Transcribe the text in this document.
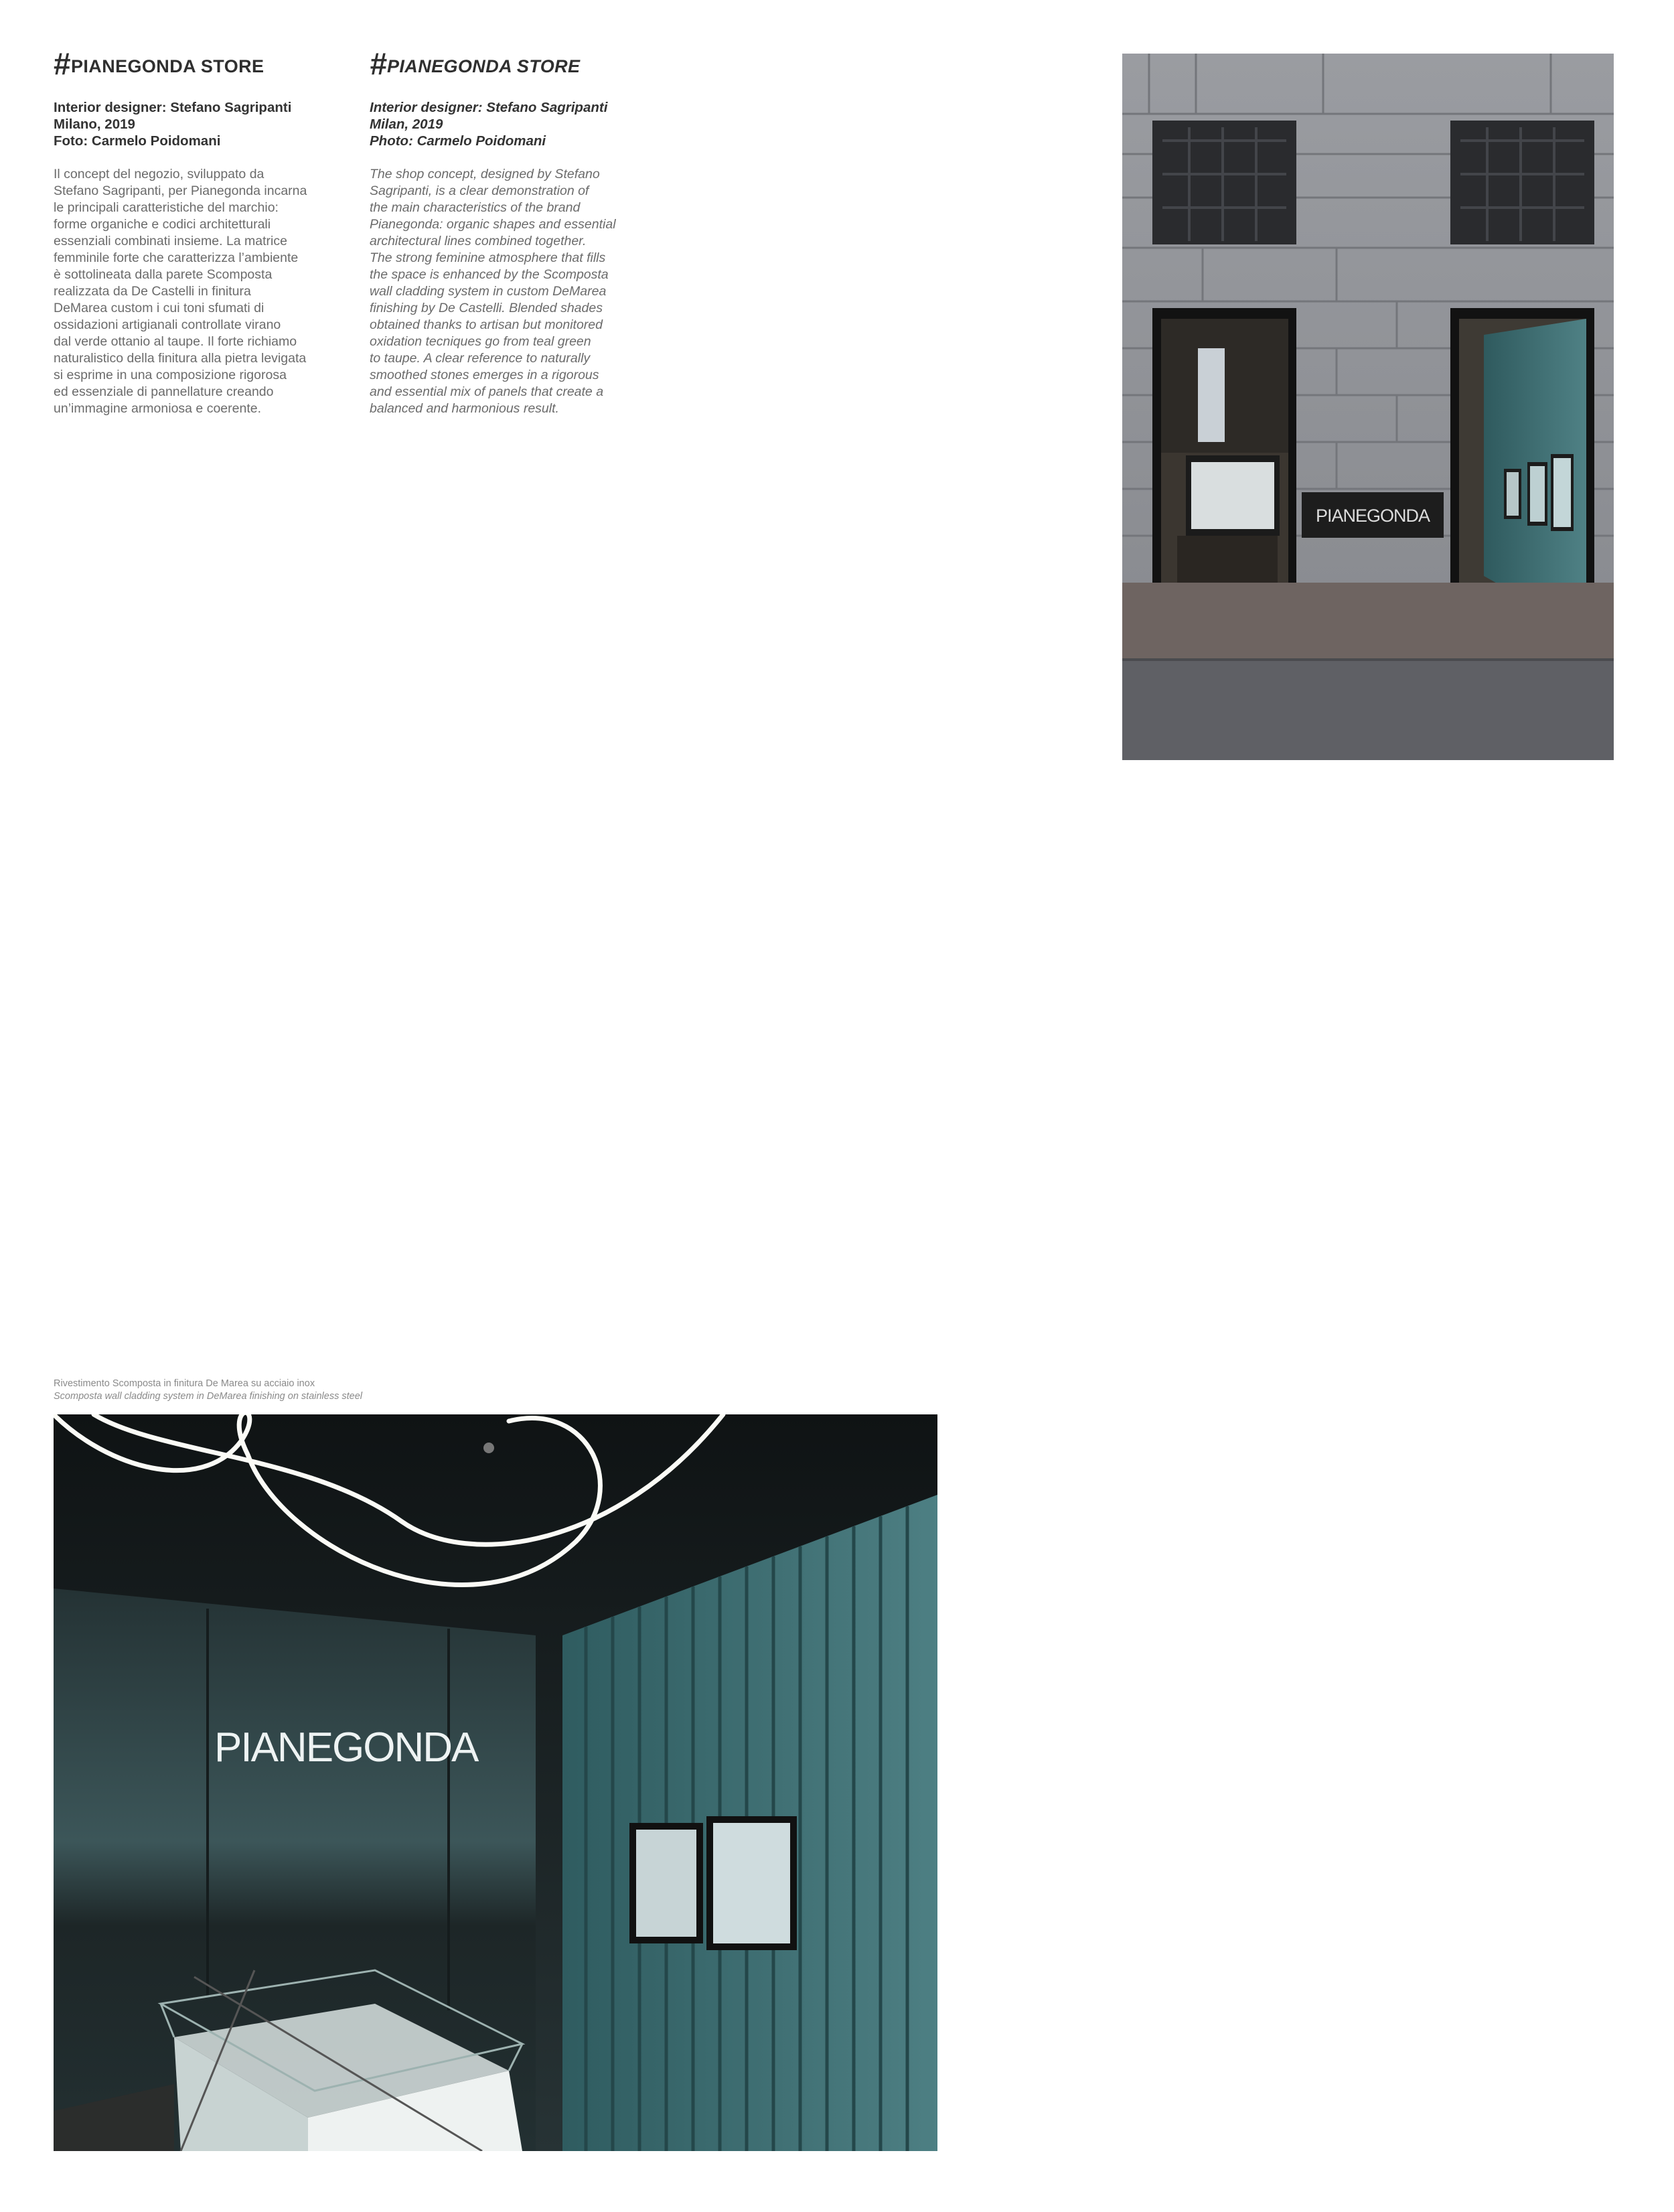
#PIANEGONDA STORE
Interior designer: Stefano Sagripanti
Milano, 2019
Foto: Carmelo Poidomani
Il concept del negozio, sviluppato da
Stefano Sagripanti, per Pianegonda incarna
le principali caratteristiche del marchio:
forme organiche e codici architetturali
essenziali combinati insieme. La matrice
femminile forte che caratterizza l’ambiente
è sottolineata dalla parete Scomposta
realizzata da De Castelli in finitura
DeMarea custom i cui toni sfumati di
ossidazioni artigianali controllate virano
dal verde ottanio al taupe. Il forte richiamo
naturalistico della finitura alla pietra levigata
si esprime in una composizione rigorosa
ed essenziale di pannellature creando
un’immagine armoniosa e coerente.
#PIANEGONDA STORE
Interior designer: Stefano Sagripanti
Milan, 2019
Photo: Carmelo Poidomani
The shop concept, designed by Stefano
Sagripanti, is a clear demonstration of
the main characteristics of the brand
Pianegonda: organic shapes and essential
architectural lines combined together.
The strong feminine atmosphere that fills
the space is enhanced by the Scomposta
wall cladding system in custom DeMarea
finishing by De Castelli. Blended shades
obtained thanks to artisan but monitored
oxidation tecniques go from teal green
to taupe. A clear reference to naturally
smoothed stones emerges in a rigorous
and essential mix of panels that create a
balanced and harmonious result.
PIANEGONDA
Rivestimento Scomposta in finitura De Marea su acciaio inox
Scomposta wall cladding system in DeMarea finishing on stainless steel
PIANEGONDA
